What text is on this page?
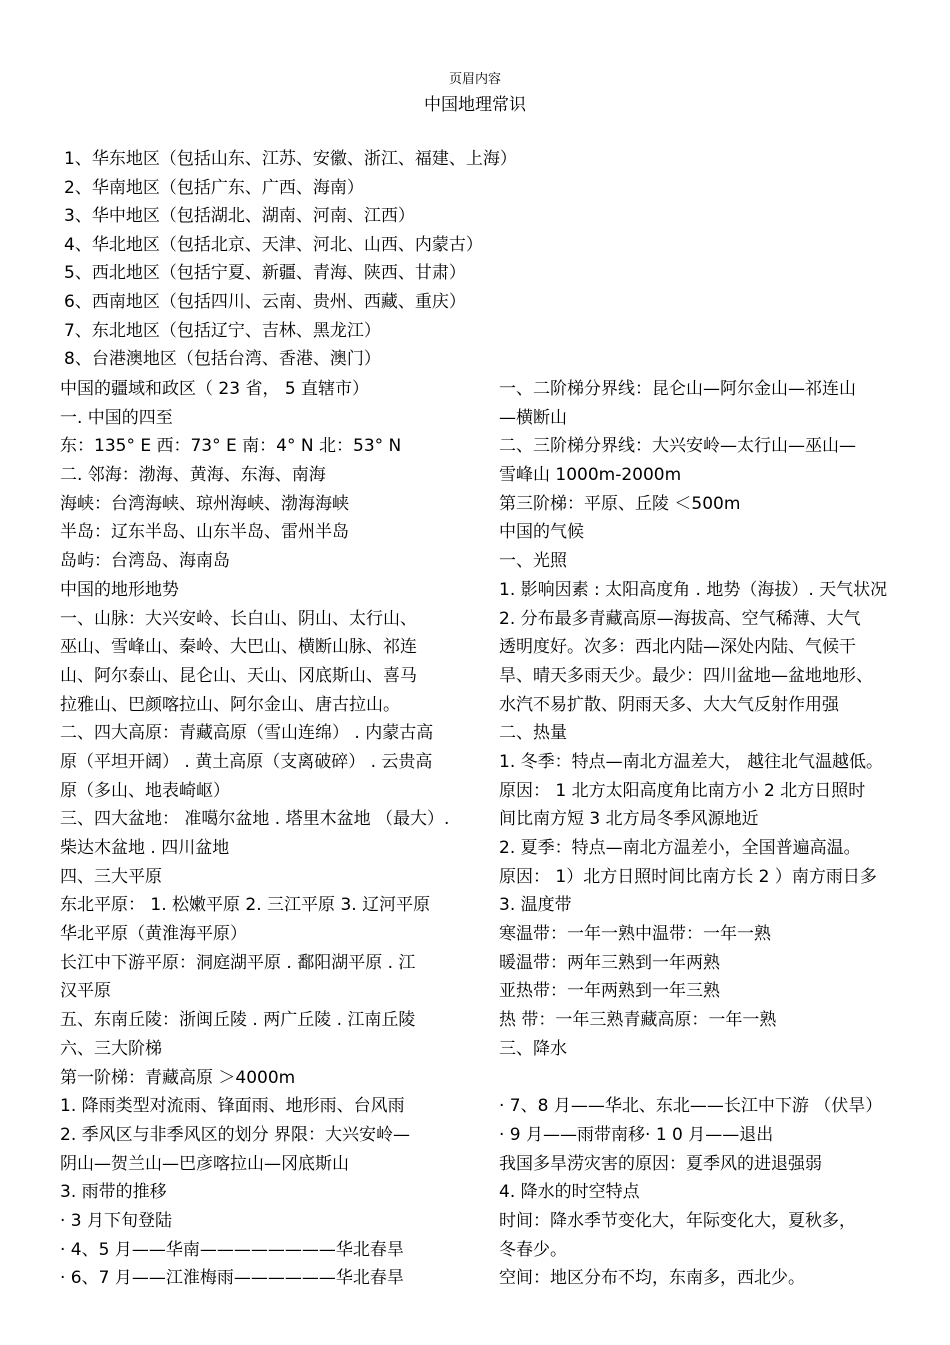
页眉内容
中国地理常识
1、华东地区（包括山东、江苏、安徽、浙江、福建、上海）
2、华南地区（包括广东、广西、海南）
3、华中地区（包括湖北、湖南、河南、江西）
4、华北地区（包括北京、天津、河北、山西、内蒙古）
5、西北地区（包括宁夏、新疆、青海、陕西、甘肃）
6、西南地区（包括四川、云南、贵州、西藏、重庆）
7、东北地区（包括辽宁、吉林、黑龙江）
8、台港澳地区（包括台湾、香港、澳门）
中国的疆域和政区（ 23 省， 5 直辖市）
一. 中国的四至
东：135° E 西：73° E 南：4° N 北：53° N
二. 邻海：渤海、黄海、东海、南海
海峡：台湾海峡、琼州海峡、渤海海峡
半岛：辽东半岛、山东半岛、雷州半岛
岛屿：台湾岛、海南岛
中国的地形地势
一、山脉：大兴安岭、长白山、阴山、太行山、
巫山、雪峰山、秦岭、大巴山、横断山脉、祁连
山、阿尔泰山、昆仑山、天山、冈底斯山、喜马
拉雅山、巴颜喀拉山、阿尔金山、唐古拉山。
二、四大高原：青藏高原（雪山连绵） . 内蒙古高
原（平坦开阔） . 黄土高原（支离破碎） . 云贵高
原（多山、地表崎岖）
三、四大盆地： 准噶尔盆地 . 塔里木盆地 （最大）.
柴达木盆地 . 四川盆地
四、三大平原
东北平原： 1. 松嫩平原 2. 三江平原 3. 辽河平原
华北平原（黄淮海平原）
长江中下游平原：洞庭湖平原 . 鄱阳湖平原 . 江
汉平原
五、东南丘陵：浙闽丘陵 . 两广丘陵 . 江南丘陵
六、三大阶梯
第一阶梯：青藏高原 ＞4000m
1. 降雨类型对流雨、锋面雨、地形雨、台风雨
2. 季风区与非季风区的划分 界限：大兴安岭—
阴山—贺兰山—巴彦喀拉山—冈底斯山
3. 雨带的推移
· 3 月下旬登陆
· 4、5 月——华南————————华北春旱
· 6、7 月——江淮梅雨——————华北春旱
一、二阶梯分界线：昆仑山—阿尔金山—祁连山
—横断山
二、三阶梯分界线：大兴安岭—太行山—巫山—
雪峰山 1000m-2000m
第三阶梯：平原、丘陵 ＜500m
中国的气候
一、光照
1. 影响因素 : 太阳高度角 . 地势（海拔）. 天气状况
2. 分布最多青藏高原—海拔高、空气稀薄、大气
透明度好。次多：西北内陆—深处内陆、气候干
旱、晴天多雨天少。最少：四川盆地—盆地地形、
水汽不易扩散、阴雨天多、大大气反射作用强
二、热量
1. 冬季：特点—南北方温差大， 越往北气温越低。
原因： 1 北方太阳高度角比南方小 2 北方日照时
间比南方短 3 北方局冬季风源地近
2. 夏季：特点—南北方温差小，全国普遍高温。
原因： 1）北方日照时间比南方长 2 ）南方雨日多
3. 温度带
寒温带：一年一熟中温带：一年一熟
暖温带：两年三熟到一年两熟
亚热带：一年两熟到一年三熟
热 带：一年三熟青藏高原：一年一熟
三、降水
· 7、8 月——华北、东北——长江中下游 （伏旱）
· 9 月——雨带南移· 1 0 月——退出
我国多旱涝灾害的原因：夏季风的进退强弱
4. 降水的时空特点
时间：降水季节变化大，年际变化大，夏秋多，
冬春少。
空间：地区分布不均，东南多，西北少。
